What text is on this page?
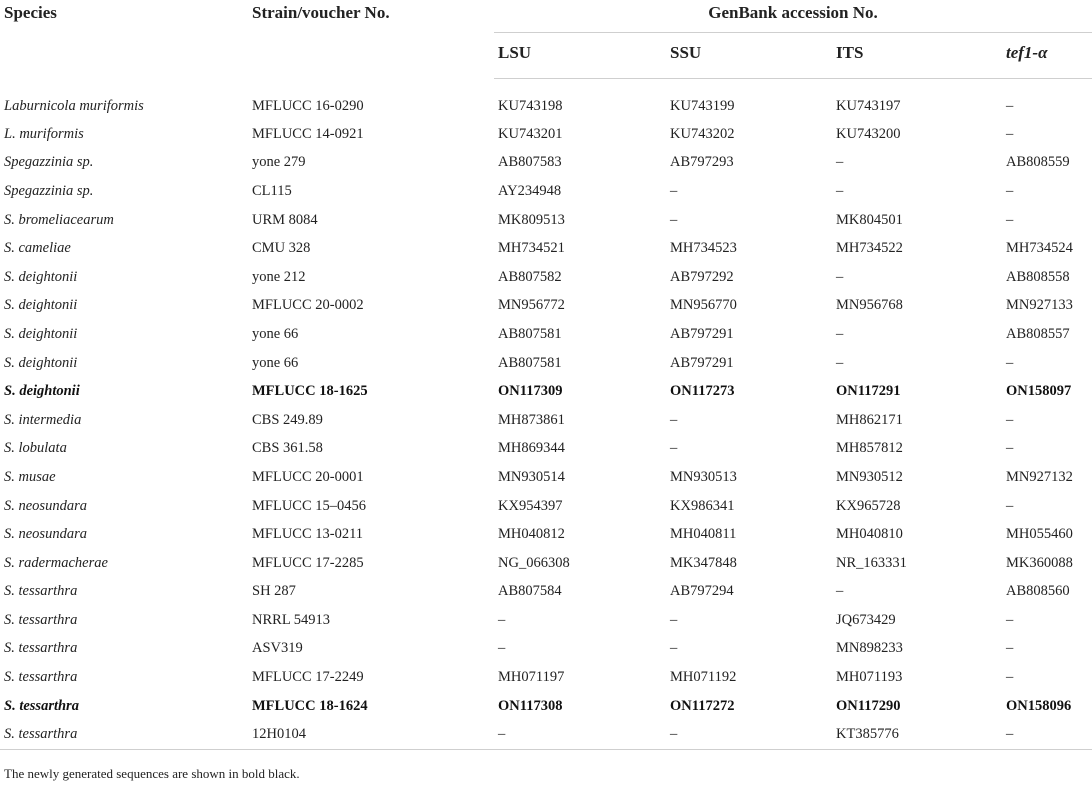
Species	Strain/voucher No.	GenBank accession No.			
		LSU	SSU	ITS	tef1-α
Laburnicola muriformis	MFLUCC 16-0290	KU743198	KU743199	KU743197	–
L. muriformis	MFLUCC 14-0921	KU743201	KU743202	KU743200	–
Spegazzinia sp.	yone 279	AB807583	AB797293	–	AB808559
Spegazzinia sp.	CL115	AY234948	–	–	–
S. bromeliacearum	URM 8084	MK809513	–	MK804501	–
S. cameliae	CMU 328	MH734521	MH734523	MH734522	MH734524
S. deightonii	yone 212	AB807582	AB797292	–	AB808558
S. deightonii	MFLUCC 20-0002	MN956772	MN956770	MN956768	MN927133
S. deightonii	yone 66	AB807581	AB797291	–	AB808557
S. deightonii	yone 66	AB807581	AB797291	–	–
S. deightonii	MFLUCC 18-1625	ON117309	ON117273	ON117291	ON158097
S. intermedia	CBS 249.89	MH873861	–	MH862171	–
S. lobulata	CBS 361.58	MH869344	–	MH857812	–
S. musae	MFLUCC 20-0001	MN930514	MN930513	MN930512	MN927132
S. neosundara	MFLUCC 15–0456	KX954397	KX986341	KX965728	–
S. neosundara	MFLUCC 13-0211	MH040812	MH040811	MH040810	MH055460
S. radermacherae	MFLUCC 17-2285	NG_066308	MK347848	NR_163331	MK360088
S. tessarthra	SH 287	AB807584	AB797294	–	AB808560
S. tessarthra	NRRL 54913	–	–	JQ673429	–
S. tessarthra	ASV319	–	–	MN898233	–
S. tessarthra	MFLUCC 17-2249	MH071197	MH071192	MH071193	–
S. tessarthra	MFLUCC 18-1624	ON117308	ON117272	ON117290	ON158096
S. tessarthra	12H0104	–	–	KT385776	–

The newly generated sequences are shown in bold black.
